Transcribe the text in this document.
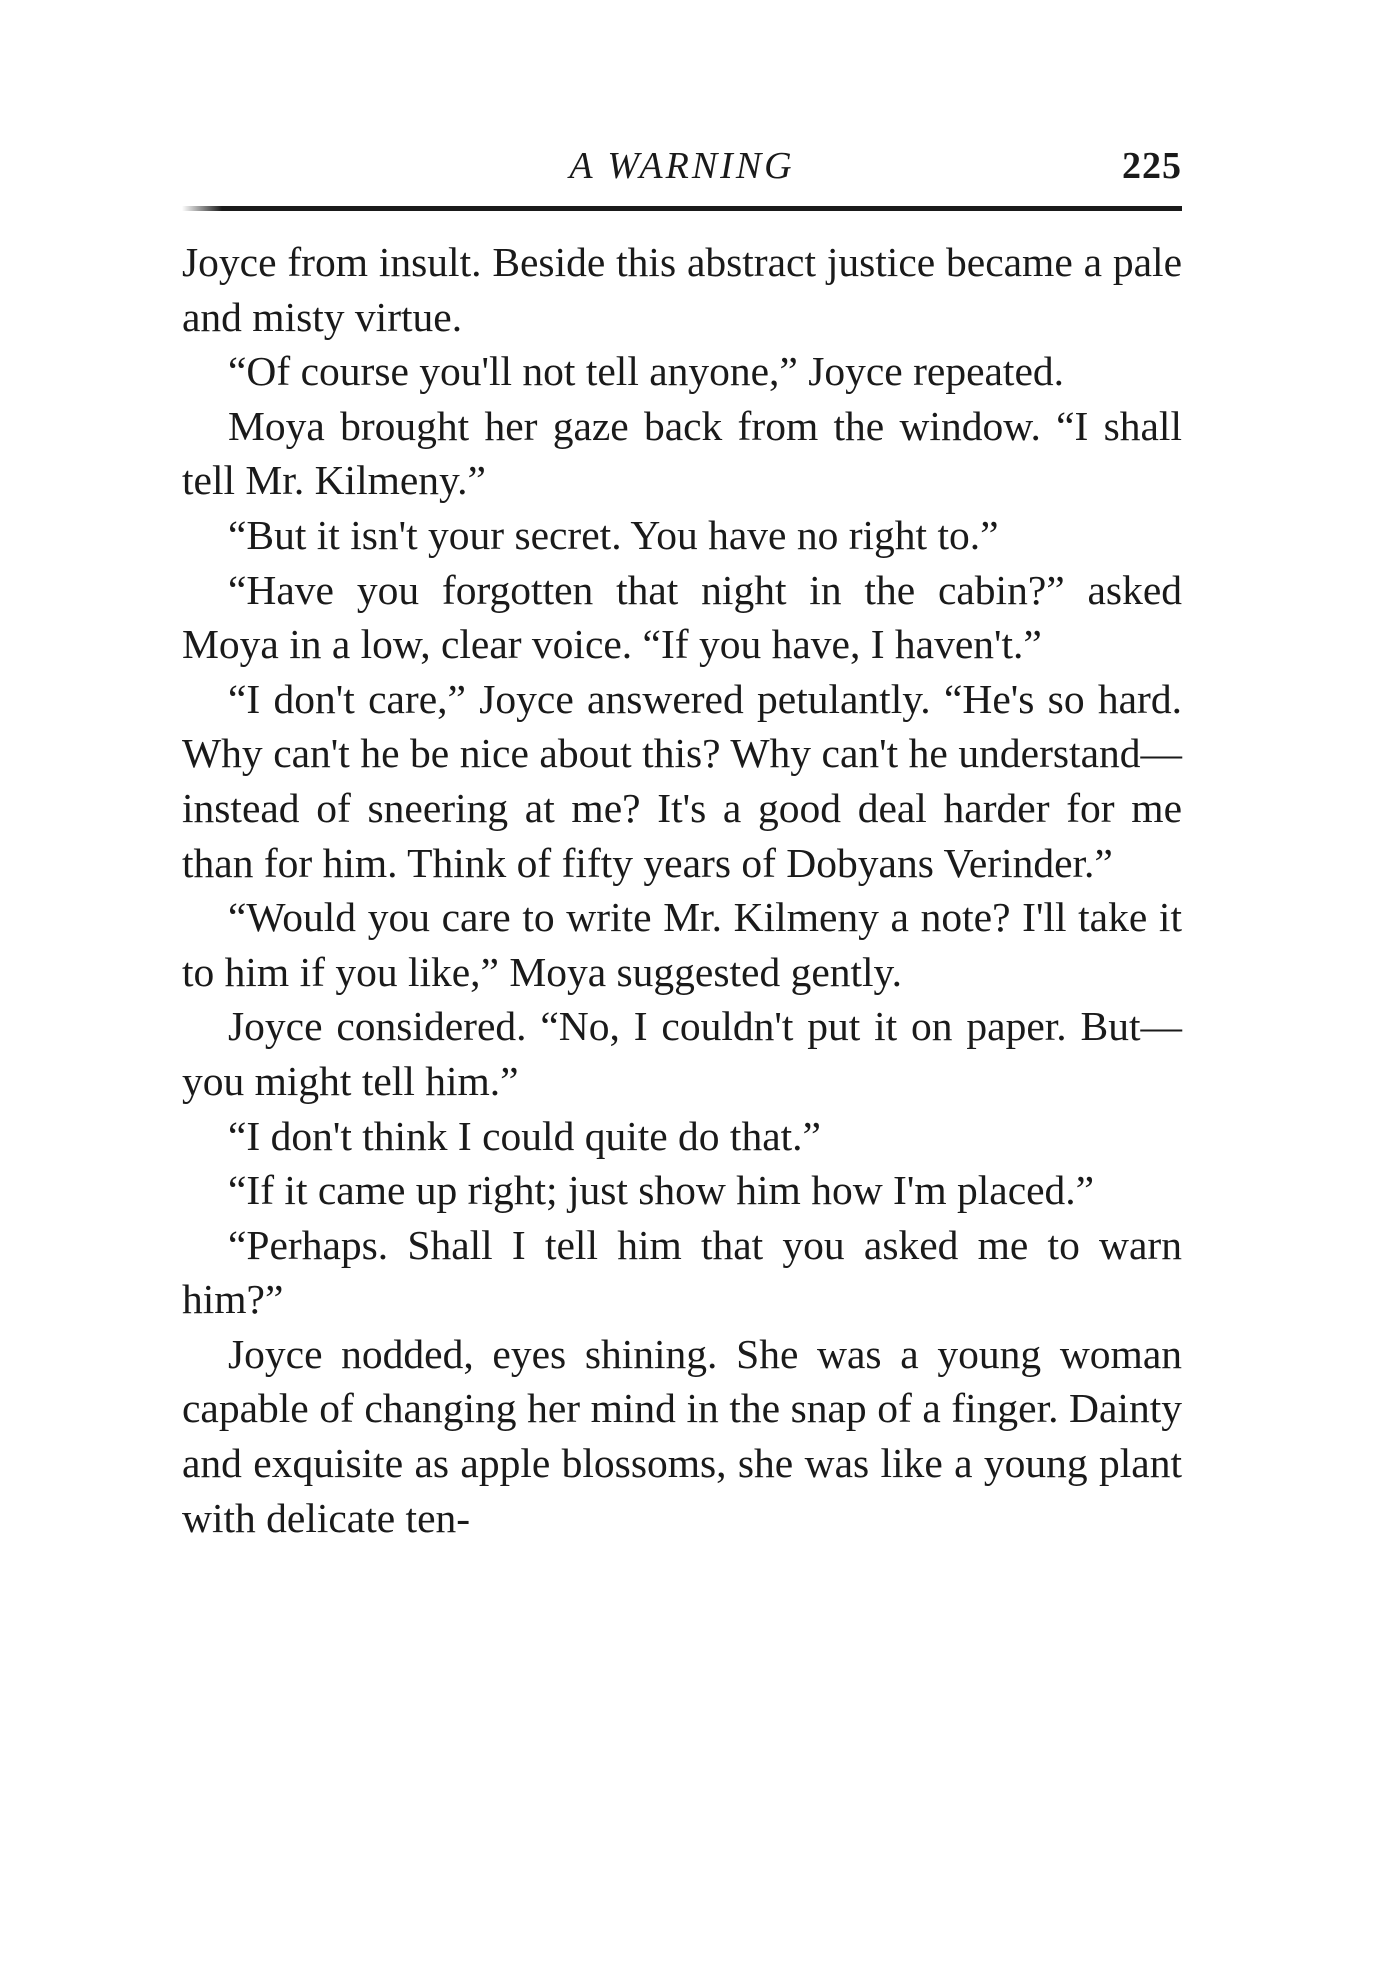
A WARNING	225

Joyce from insult. Beside this abstract justice became a pale and misty virtue.

“Of course you'll not tell anyone,” Joyce repeated.

Moya brought her gaze back from the window. “I shall tell Mr. Kilmeny.”

“But it isn't your secret. You have no right to.”

“Have you forgotten that night in the cabin?” asked Moya in a low, clear voice. “If you have, I haven't.”

“I don't care,” Joyce answered petulantly. “He's so hard. Why can't he be nice about this? Why can't he understand—instead of sneering at me? It's a good deal harder for me than for him. Think of fifty years of Dobyans Verinder.”

“Would you care to write Mr. Kilmeny a note? I'll take it to him if you like,” Moya suggested gently.

Joyce considered. “No, I couldn't put it on paper. But—you might tell him.”

“I don't think I could quite do that.”

“If it came up right; just show him how I'm placed.”

“Perhaps. Shall I tell him that you asked me to warn him?”

Joyce nodded, eyes shining. She was a young woman capable of changing her mind in the snap of a finger. Dainty and exquisite as apple blossoms, she was like a young plant with delicate ten-
